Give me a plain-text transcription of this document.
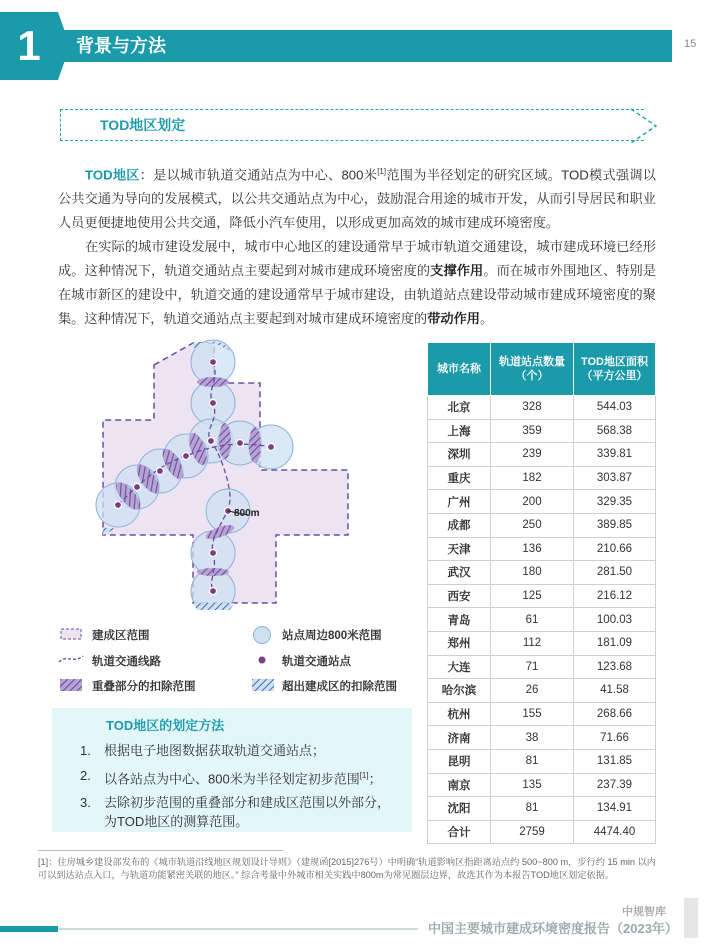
1	背景与方法	15
TOD地区划定
TOD地区：是以城市轨道交通站点为中心、800米[1]范围为半径划定的研究区域。TOD模式强调以公共交通为导向的发展模式，以公共交通站点为中心，鼓励混合用途的城市开发，从而引导居民和职业人员更便捷地使用公共交通，降低小汽车使用，以形成更加高效的城市建成环境密度。
在实际的城市建设发展中，城市中心地区的建设通常早于城市轨道交通建设，城市建成环境已经形成。这种情况下，轨道交通站点主要起到对城市建成环境密度的支撑作用。而在城市外围地区、特别是在城市新区的建设中，轨道交通的建设通常早于城市建设，由轨道站点建设带动城市建成环境密度的聚集。这种情况下，轨道交通站点主要起到对城市建成环境密度的带动作用。
800m
建成区范围	站点周边800米范围
轨道交通线路	轨道交通站点
重叠部分的扣除范围	超出建成区的扣除范围
TOD地区的划定方法
1. 根据电子地图数据获取轨道交通站点；
2. 以各站点为中心、800米为半径划定初步范围[1]；
3. 去除初步范围的重叠部分和建成区范围以外部分，
为TOD地区的测算范围。
城市名称	轨道站点数量（个）	TOD地区面积（平方公里）
北京	328	544.03
上海	359	568.38
深圳	239	339.81
重庆	182	303.87
广州	200	329.35
成都	250	389.85
天津	136	210.66
武汉	180	281.50
西安	125	216.12
青岛	61	100.03
郑州	112	181.09
大连	71	123.68
哈尔滨	26	41.58
杭州	155	268.66
济南	38	71.66
昆明	81	131.85
南京	135	237.39
沈阳	81	134.91
合计	2759	4474.40
[1]：住房城乡建设部发布的《城市轨道沿线地区规划设计导则》（建规函[2015]276号）中明确“轨道影响区指距离站点约 500~800 m，步行约 15 min 以内可以到达站点入口，与轨道功能紧密关联的地区。” 综合考量中外城市相关实践中800m为常见圈层边界，故选其作为本报告TOD地区划定依据。
中规智库
中国主要城市建成环境密度报告（2023年）
